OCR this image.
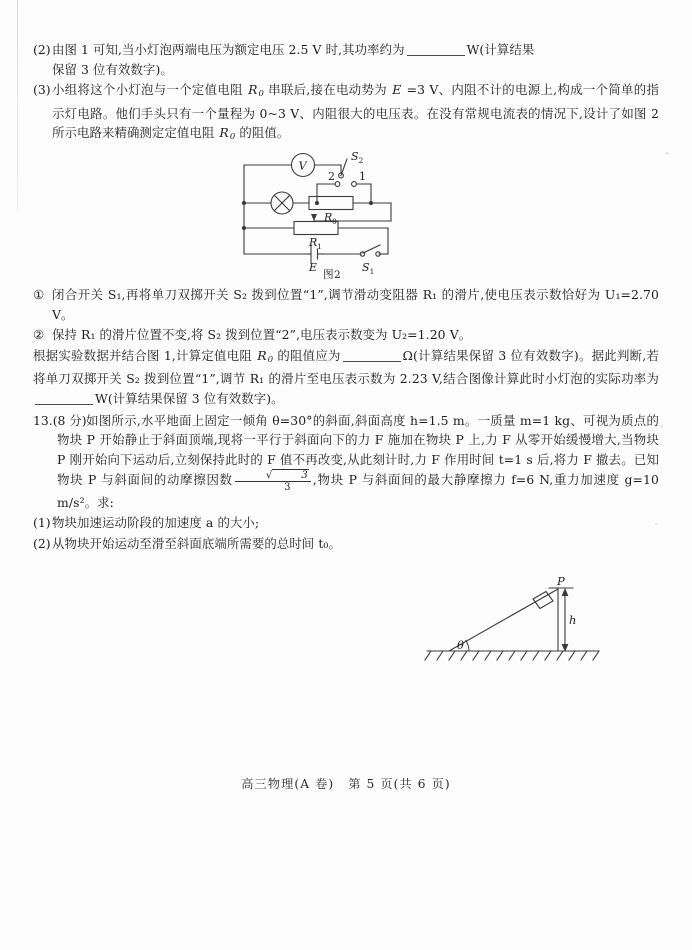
(2) 由图 1 可知,当小灯泡两端电压为额定电压 2.5 V 时,其功率约为	W(计算结果
保留 3 位有效数字)。
(3) 小组将这个小灯泡与一个定值电阻 $R_0$ 串联后,接在电动势为 E =3 V、内阻不计的电源上,构成一个简单的指示灯电路。他们手头只有一个量程为 0~3 V、内阻很大的电压表。在没有常规电流表的情况下,设计了如图 2 所示电路来精确测定定值电阻 $R_0$ 的阻值。
V
S 2
2 1
R 0
R 1
E	S 1
图2
① 闭合开关 S₁,再将单刀双掷开关 S₂ 拨到位置“1”,调节滑动变阻器 R₁ 的滑片,使电压表示数恰好为 U₁=2.70 V。
② 保持 R₁ 的滑片位置不变,将 S₂ 拨到位置“2”,电压表示数变为 U₂=1.20 V。
根据实验数据并结合图 1,计算定值电阻 $R_0$ 的阻值应为	Ω(计算结果保留 3 位有效数字)。据此判断,若将单刀双掷开关 S₂ 拨到位置“1”,调节 R₁ 的滑片至电压表示数为 2.23 V,结合图像计算此时小灯泡的实际功率为W(计算结果保留 3 位有效数字)。
13.(8 分) 如图所示,水平地面上固定一倾角 θ=30°的斜面,斜面高度 h=1.5 m。一质量 m=1 kg、可视为质点的物块 P 开始静止于斜面顶端,现将一平行于斜面向下的力 F 施加在物块 P 上,力 F 从零开始缓慢增大,当物块 P 刚开始向下运动后,立刻保持此时的 F 值不再改变,从此刻计时,力 F 作用时间 t=1 s 后,将力 F 撤去。已知物块 P 与斜面间的动摩擦因数 √	3
3 ,物块 P 与斜面间的最大静摩擦力 f=6 N,重力加速度 g=10 m/s²。求:
(1) 物块加速运动阶段的加速度 a 的大小;
(2) 从物块开始运动至滑至斜面底端所需要的总时间 t₀。
P
h
θ
高三物理(A 卷) 第 5 页(共 6 页)
